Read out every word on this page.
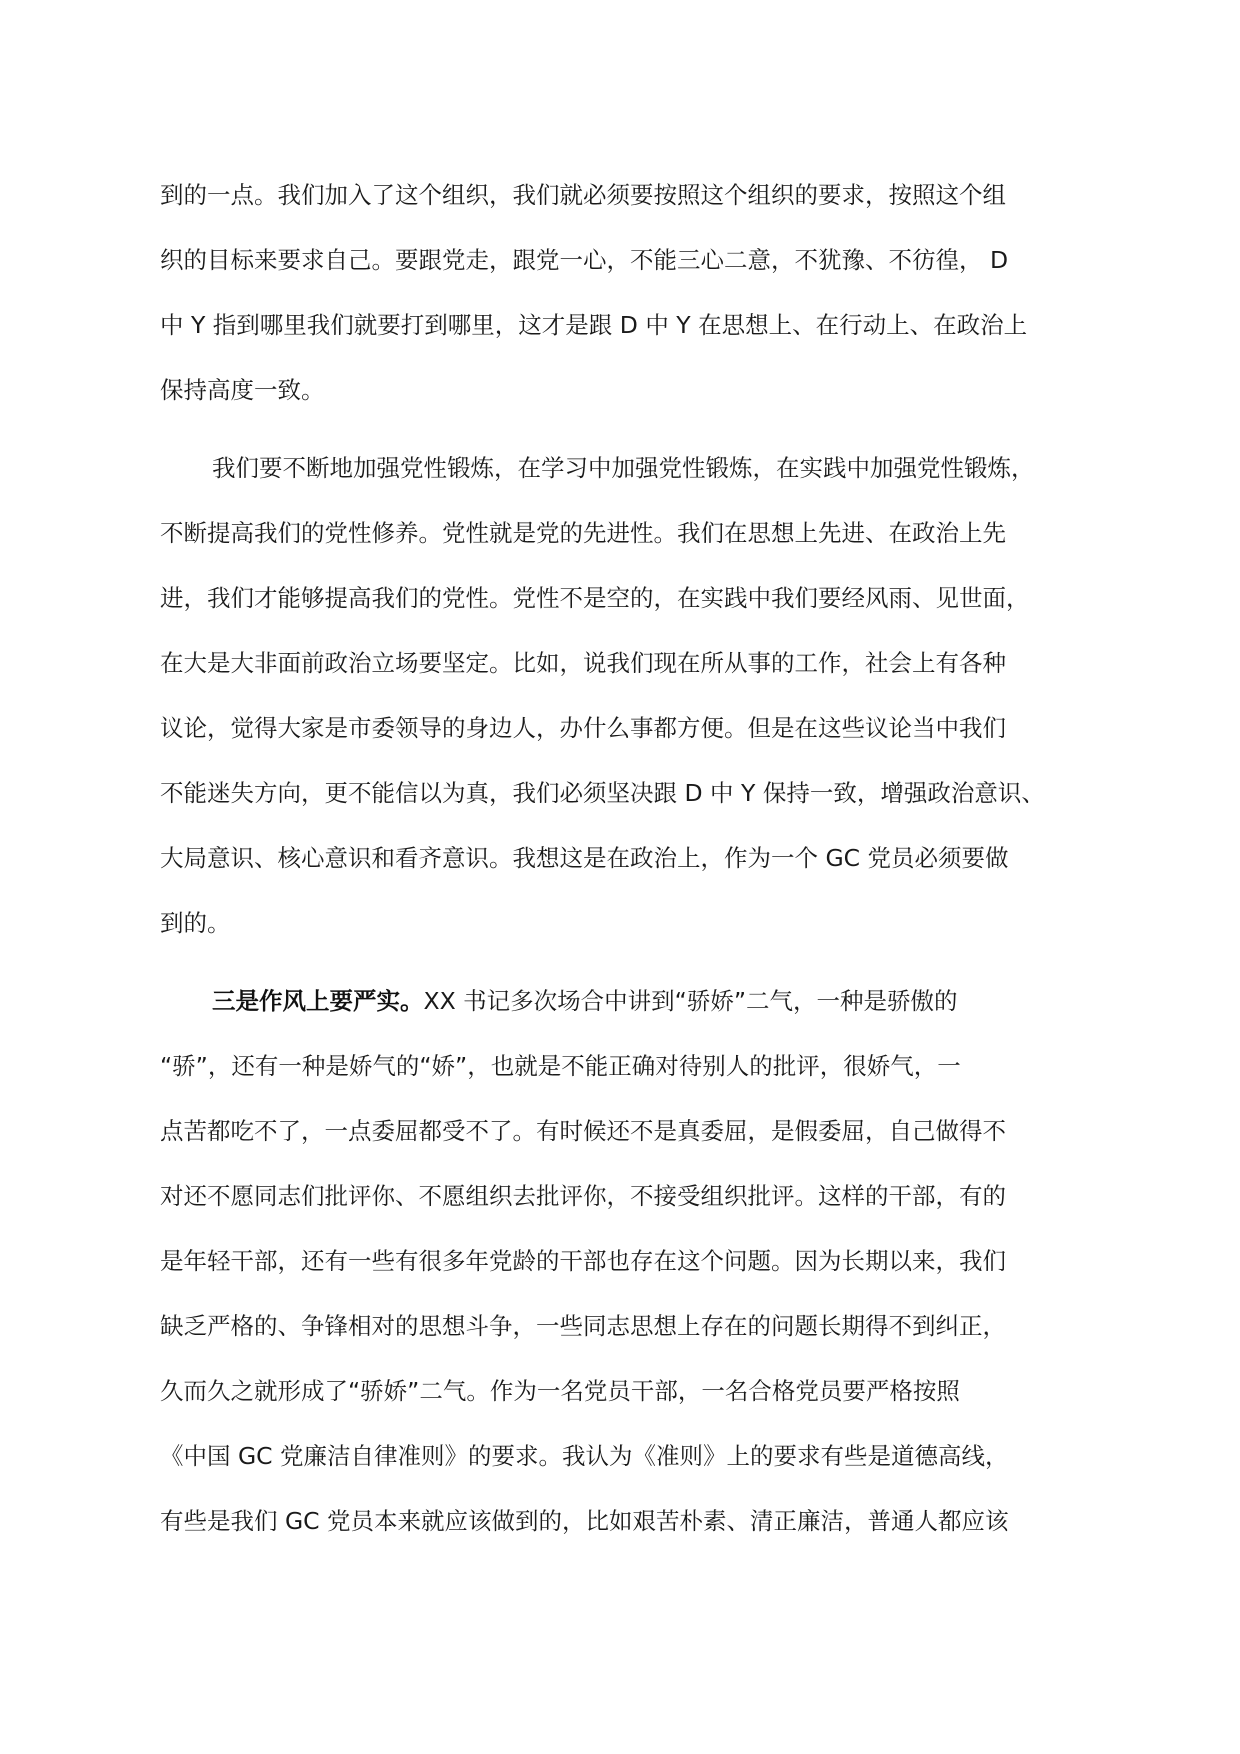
到的一点。我们加入了这个组织，我们就必须要按照这个组织的要求，按照这个组

织的目标来要求自己。要跟党走，跟党一心，不能三心二意，不犹豫、不彷徨， D

中 Y 指到哪里我们就要打到哪里，这才是跟 D 中 Y 在思想上、在行动上、在政治上

保持高度一致。

我们要不断地加强党性锻炼，在学习中加强党性锻炼，在实践中加强党性锻炼，

不断提高我们的党性修养。党性就是党的先进性。我们在思想上先进、在政治上先

进，我们才能够提高我们的党性。党性不是空的，在实践中我们要经风雨、见世面，

在大是大非面前政治立场要坚定。比如，说我们现在所从事的工作，社会上有各种

议论，觉得大家是市委领导的身边人，办什么事都方便。但是在这些议论当中我们

不能迷失方向，更不能信以为真，我们必须坚决跟 D 中 Y 保持一致，增强政治意识、

大局意识、核心意识和看齐意识。我想这是在政治上，作为一个 GC 党员必须要做

到的。

三是作风上要严实。XX 书记多次场合中讲到“骄娇”二气，一种是骄傲的

“骄”，还有一种是娇气的“娇”，也就是不能正确对待别人的批评，很娇气，一

点苦都吃不了，一点委屈都受不了。有时候还不是真委屈，是假委屈，自己做得不

对还不愿同志们批评你、不愿组织去批评你，不接受组织批评。这样的干部，有的

是年轻干部，还有一些有很多年党龄的干部也存在这个问题。因为长期以来，我们

缺乏严格的、争锋相对的思想斗争，一些同志思想上存在的问题长期得不到纠正，

久而久之就形成了“骄娇”二气。作为一名党员干部，一名合格党员要严格按照

《中国 GC 党廉洁自律准则》的要求。我认为《准则》上的要求有些是道德高线，

有些是我们 GC 党员本来就应该做到的，比如艰苦朴素、清正廉洁，普通人都应该
